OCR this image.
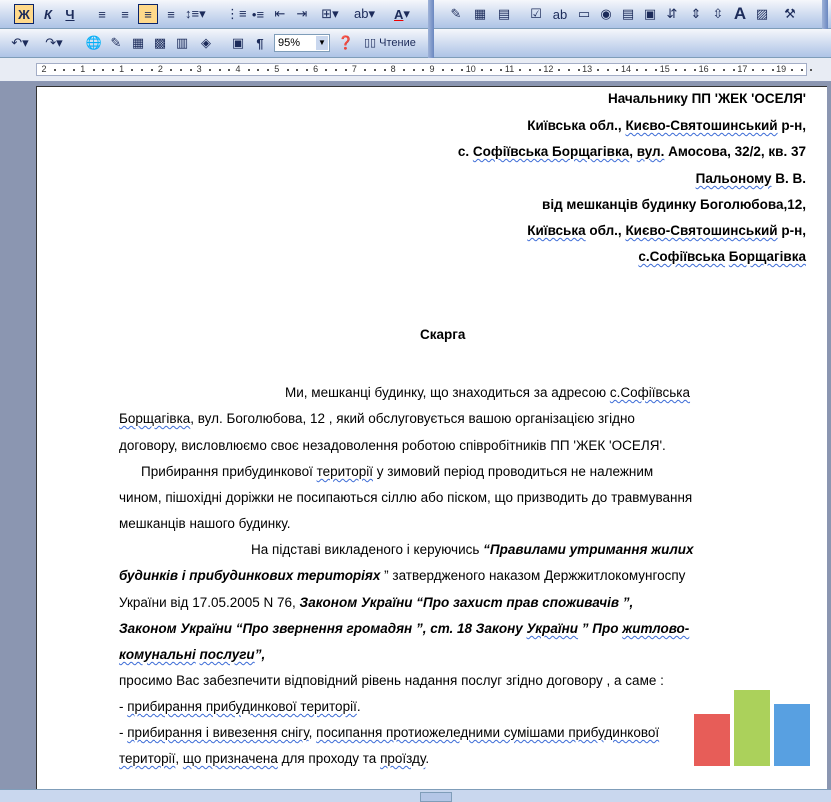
Ж	К	Ч	≡	≡	≡	≡ ↕≡▾ ⋮≡ •≡ ⇤ ⇥	⊞▾ ab▾ A ▾	✎ ▦ ▤	☑ ab ▭ ◉ ▤ ▣ ⇵	⇕ ⇳ A ▨	⚒
↶▾ ↷▾ 🌐 ✎ ▦ ▩ ▥ ◈	▣ ¶	95% ▼ ❓ ▯▯ Чтение
2	1	1	2	3	4	5	6	7	8	9	10	11	12	13	14	15	16	17	19
Начальнику ПП 'ЖЕК 'ОСЕЛЯ'
Київська обл., Києво-Святошинський р-н,
с. Софіївська Борщагівка, вул. Амосова, 32/2, кв. 37
Пальоному В. В.
від мешканців будинку Боголюбова,12,
Київська обл., Києво-Святошинський р-н,
с.Софіївська Борщагівка
Скарга
Ми, мешканці будинку, що знаходиться за адресою с.Софіївська
Борщагівка, вул. Боголюбова, 12 , який обслуговується вашою організацією згідно
договору, висловлюємо своє незадоволення роботою співробітників ПП 'ЖЕК 'ОСЕЛЯ'.
Прибирання прибудинкової території у зимовий період проводиться не належним
чином, пішохідні доріжки не посипаються сіллю або піском, що призводить до травмування
мешканців нашого будинку.
На підставі викладеного і керуючись “Правилами утримання жилих
будинків і прибудинкових територіях ” затвердженого наказом Держжитлокомунгоспу
України від 17.05.2005 N 76, Законом України “Про захист прав споживачів ”,
Законом України “Про звернення громадян ”, ст. 18 Закону України ” Про житлово-
комунальні послуги”,
просимо Вас забезпечити відповідний рівень надання послуг згідно договору , а саме :
- прибирання прибудинкової території.
- прибирання і вивезення снігу, посипання протиожеледними сумішами прибудинкової
території, що призначена для проходу та проїзду.
